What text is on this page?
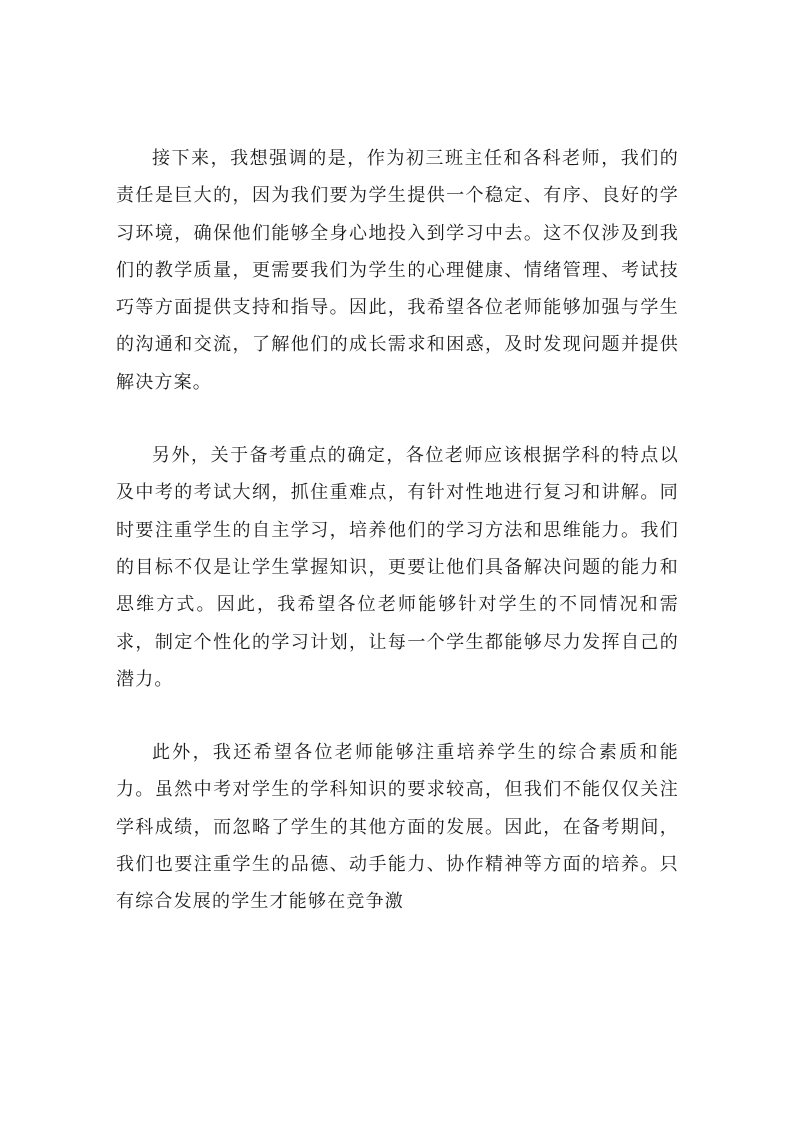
接下来，我想强调的是，作为初三班主任和各科老师，我们的责任是巨大的，因为我们要为学生提供一个稳定、有序、良好的学习环境，确保他们能够全身心地投入到学习中去。这不仅涉及到我们的教学质量，更需要我们为学生的心理健康、情绪管理、考试技巧等方面提供支持和指导。因此，我希望各位老师能够加强与学生的沟通和交流，了解他们的成长需求和困惑，及时发现问题并提供解决方案。

另外，关于备考重点的确定，各位老师应该根据学科的特点以及中考的考试大纲，抓住重难点，有针对性地进行复习和讲解。同时要注重学生的自主学习，培养他们的学习方法和思维能力。我们的目标不仅是让学生掌握知识，更要让他们具备解决问题的能力和思维方式。因此，我希望各位老师能够针对学生的不同情况和需求，制定个性化的学习计划，让每一个学生都能够尽力发挥自己的潜力。

此外，我还希望各位老师能够注重培养学生的综合素质和能力。虽然中考对学生的学科知识的要求较高，但我们不能仅仅关注学科成绩，而忽略了学生的其他方面的发展。因此，在备考期间，我们也要注重学生的品德、动手能力、协作精神等方面的培养。只有综合发展的学生才能够在竞争激
